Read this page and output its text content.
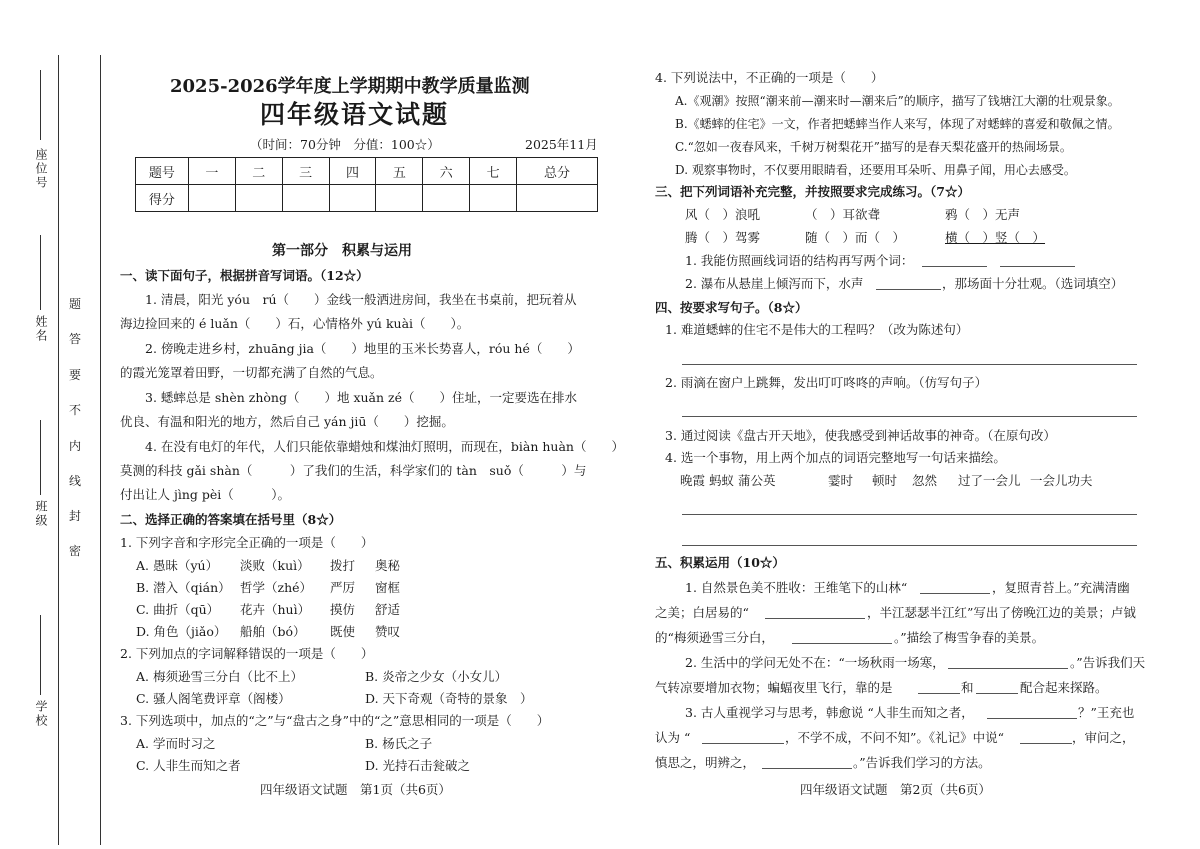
座位号
姓名
班级
学校
题
答
要
不
内
线
封
密
2025-2026学年度上学期期中教学质量监测
四年级语文试题
（时间：70分钟　分值：100☆）	2025年11月
题号	一	二	三	四	五	六	七	总分
得分								
第一部分　积累与运用
一、读下面句子，根据拼音写词语。（12☆）
1. 清晨，阳光 yóu　rú（　　）金线一般洒进房间，我坐在书桌前，把玩着从
海边捡回来的 é luǎn（　　）石，心情格外 yú kuài（　　）。
2. 傍晚走进乡村，zhuāng jia（　　）地里的玉米长势喜人，róu hé（　　）
的霞光笼罩着田野，一切都充满了自然的气息。
3. 蟋蟀总是 shèn zhòng（　　）地 xuǎn zé（　　）住址，一定要选在排水
优良、有温和阳光的地方，然后自己 yán jiū（　　）挖掘。
4. 在没有电灯的年代，人们只能依靠蜡烛和煤油灯照明，而现在，biàn huàn（　　）
莫测的科技 gǎi shàn（　　　）了我们的生活，科学家们的 tàn　suǒ（　　　）与
付出让人 jìng pèi（　　　）。
二、选择正确的答案填在括号里（8☆）
1. 下列字音和字形完全正确的一项是（　　）
A. 愚昧（yú） 淡败（kuì） 拨打 奥秘
B. 潜入（qián） 哲学（zhé） 严厉 窗框
C. 曲折（qū） 花卉（huì） 摸仿 舒适
D. 角色（jiǎo） 船舶（bó） 既使 赞叹
2. 下列加点的字词解释错误的一项是（　　）
A. 梅须逊雪三分白（比不上）	B. 炎帝之少女（小女儿）
C. 骚人阁笔费评章（阁楼）	D. 天下奇观（奇特的景象　）
3. 下列选项中，加点的“之”与“盘古之身”中的“之”意思相同的一项是（　　）
A. 学而时习之	B. 杨氏之子
C. 人非生而知之者	D. 光持石击瓮破之
四年级语文试题　第1页（共6页）
4. 下列说法中，不正确的一项是（　　）
A.《观潮》按照“潮来前—潮来时—潮来后”的顺序，描写了钱塘江大潮的壮观景象。
B.《蟋蟀的住宅》一文，作者把蟋蟀当作人来写，体现了对蟋蟀的喜爱和敬佩之情。
C.“忽如一夜春风来，千树万树梨花开”描写的是春天梨花盛开的热闹场景。
D. 观察事物时，不仅要用眼睛看，还要用耳朵听、用鼻子闻，用心去感受。
三、把下列词语补充完整，并按照要求完成练习。（7☆）
风（　）浪吼	（　）耳欲聋	鸦（　）无声
腾（　）驾雾	随（　）而（　）	横（　）竖（　）
1. 我能仿照画线词语的结构再写两个词：
2. 瀑布从悬崖上倾泻而下，水声	，那场面十分壮观。（选词填空）
四、按要求写句子。（8☆）
1. 难道蟋蟀的住宅不是伟大的工程吗？（改为陈述句）
2. 雨滴在窗户上跳舞，发出叮叮咚咚的声响。（仿写句子）
3. 通过阅读《盘古开天地》，使我感受到神话故事的神奇。（在原句改）
4. 选一个事物，用上两个加点的词语完整地写一句话来描绘。
晚霞 蚂蚁 蒲公英	霎时 顿时 忽然 过了一会儿 一会儿功夫
五、积累运用（10☆）
1. 自然景色美不胜收：王维笔下的山林“	，复照青苔上。”充满清幽
之美；白居易的“	，半江瑟瑟半江红”写出了傍晚江边的美景；卢钺
的“梅须逊雪三分白，	。”描绘了梅雪争春的美景。
2. 生活中的学问无处不在：“一场秋雨一场寒，	。”告诉我们天
气转凉要增加衣物；蝙蝠夜里飞行，靠的是	和	配合起来探路。
3. 古人重视学习与思考，韩愈说 “人非生而知之者，	？”王充也
认为 “	，不学不成，不问不知”。《礼记》中说“	，审问之，
慎思之，明辨之，	。”告诉我们学习的方法。
四年级语文试题　第2页（共6页）
